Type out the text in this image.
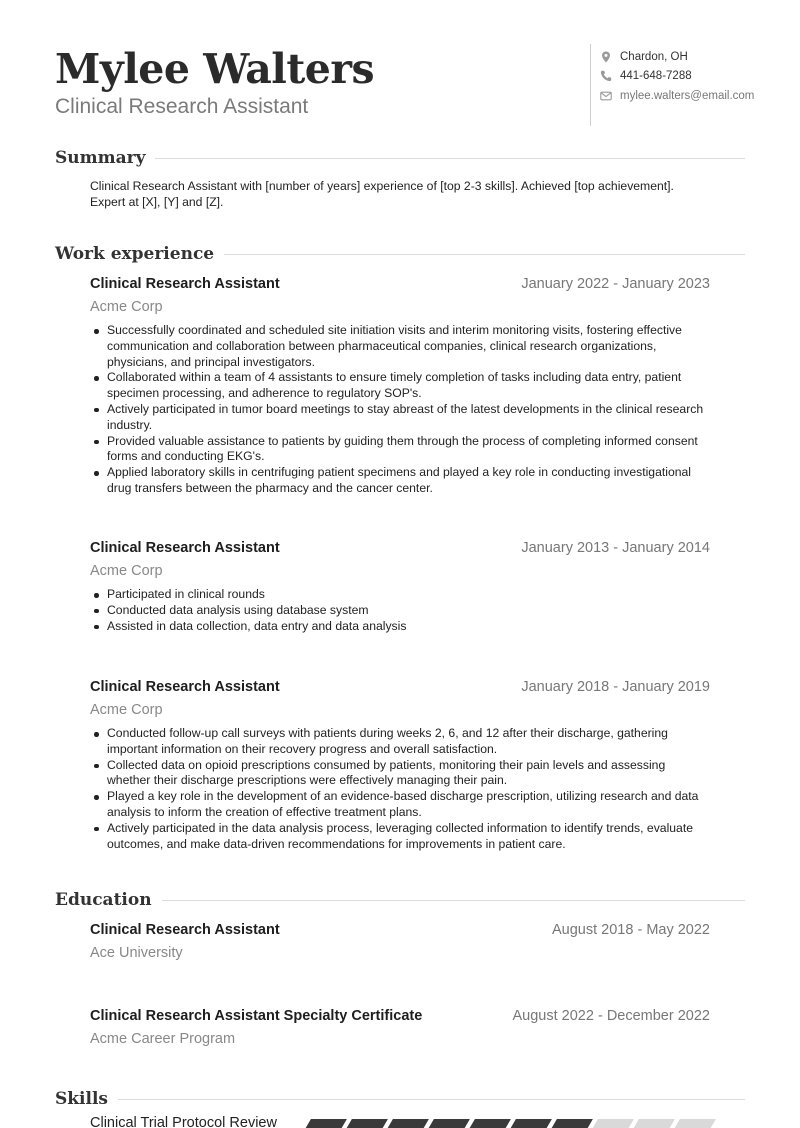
Mylee Walters
Clinical Research Assistant
Chardon, OH
441-648-7288
mylee.walters@email.com
Summary
Clinical Research Assistant with [number of years] experience of [top 2-3 skills]. Achieved [top achievement]. Expert at [X], [Y] and [Z].
Work experience
Clinical Research Assistant	January 2022 - January 2023
Acme Corp
Successfully coordinated and scheduled site initiation visits and interim monitoring visits, fostering effective communication and collaboration between pharmaceutical companies, clinical research organizations, physicians, and principal investigators.
Collaborated within a team of 4 assistants to ensure timely completion of tasks including data entry, patient specimen processing, and adherence to regulatory SOP's.
Actively participated in tumor board meetings to stay abreast of the latest developments in the clinical research industry.
Provided valuable assistance to patients by guiding them through the process of completing informed consent forms and conducting EKG's.
Applied laboratory skills in centrifuging patient specimens and played a key role in conducting investigational drug transfers between the pharmacy and the cancer center.
Clinical Research Assistant	January 2013 - January 2014
Acme Corp
Participated in clinical rounds
Conducted data analysis using database system
Assisted in data collection, data entry and data analysis
Clinical Research Assistant	January 2018 - January 2019
Acme Corp
Conducted follow-up call surveys with patients during weeks 2, 6, and 12 after their discharge, gathering important information on their recovery progress and overall satisfaction.
Collected data on opioid prescriptions consumed by patients, monitoring their pain levels and assessing whether their discharge prescriptions were effectively managing their pain.
Played a key role in the development of an evidence-based discharge prescription, utilizing research and data analysis to inform the creation of effective treatment plans.
Actively participated in the data analysis process, leveraging collected information to identify trends, evaluate outcomes, and make data-driven recommendations for improvements in patient care.
Education
Clinical Research Assistant	August 2018 - May 2022
Ace University
Clinical Research Assistant Specialty Certificate	August 2022 - December 2022
Acme Career Program
Skills
Clinical Trial Protocol Review
